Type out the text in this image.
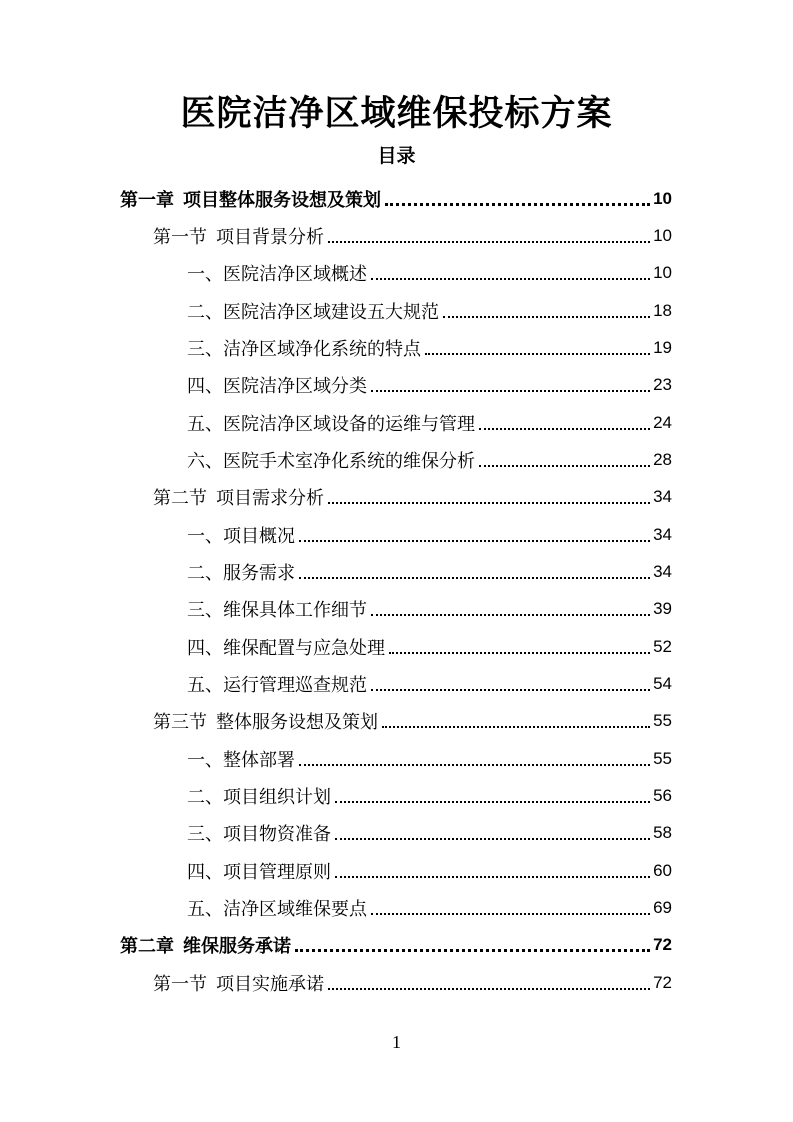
医院洁净区域维保投标方案
目录
第一章 项目整体服务设想及策划	10
第一节 项目背景分析	10
一、医院洁净区域概述	10
二、医院洁净区域建设五大规范	18
三、洁净区域净化系统的特点	19
四、医院洁净区域分类	23
五、医院洁净区域设备的运维与管理	24
六、医院手术室净化系统的维保分析	28
第二节 项目需求分析	34
一、项目概况	34
二、服务需求	34
三、维保具体工作细节	39
四、维保配置与应急处理	52
五、运行管理巡查规范	54
第三节 整体服务设想及策划	55
一、整体部署	55
二、项目组织计划	56
三、项目物资准备	58
四、项目管理原则	60
五、洁净区域维保要点	69
第二章 维保服务承诺	72
第一节 项目实施承诺	72
1
